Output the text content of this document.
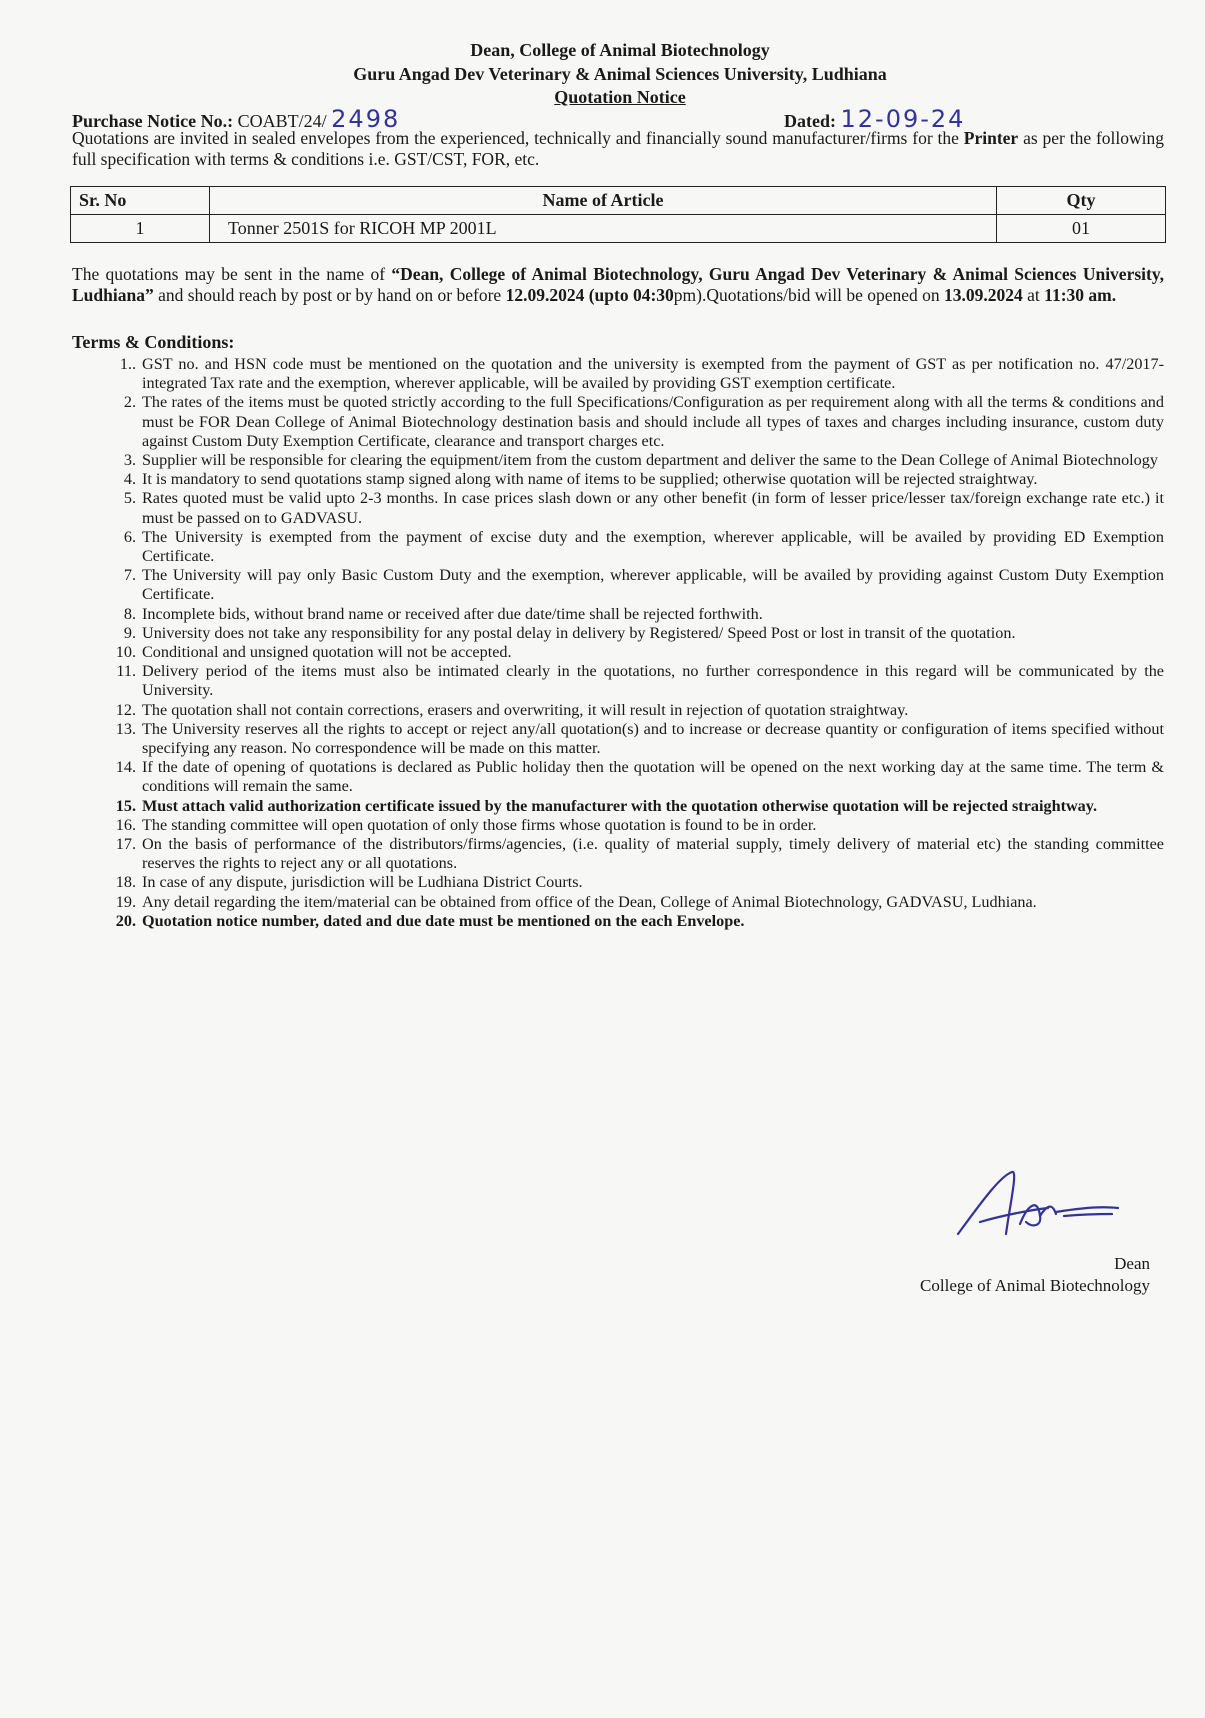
Dean, College of Animal Biotechnology
Guru Angad Dev Veterinary & Animal Sciences University, Ludhiana
Quotation Notice
Purchase Notice No.: COABT/24/ 2498	Dated: 12-09-24
Quotations are invited in sealed envelopes from the experienced, technically and financially sound manufacturer/firms for the Printer as per the following full specification with terms & conditions i.e. GST/CST, FOR, etc.
Sr. No	Name of Article	Qty
1	Tonner 2501S for RICOH MP 2001L	01
The quotations may be sent in the name of “Dean, College of Animal Biotechnology, Guru Angad Dev Veterinary & Animal Sciences University, Ludhiana” and should reach by post or by hand on or before 12.09.2024 (upto 04:30pm).Quotations/bid will be opened on 13.09.2024 at 11:30 am.
Terms & Conditions:
1.. GST no. and HSN code must be mentioned on the quotation and the university is exempted from the payment of GST as per notification no. 47/2017-integrated Tax rate and the exemption, wherever applicable, will be availed by providing GST exemption certificate.
2. The rates of the items must be quoted strictly according to the full Specifications/Configuration as per requirement along with all the terms & conditions and must be FOR Dean College of Animal Biotechnology destination basis and should include all types of taxes and charges including insurance, custom duty against Custom Duty Exemption Certificate, clearance and transport charges etc.
3. Supplier will be responsible for clearing the equipment/item from the custom department and deliver the same to the Dean College of Animal Biotechnology
4. It is mandatory to send quotations stamp signed along with name of items to be supplied; otherwise quotation will be rejected straightway.
5. Rates quoted must be valid upto 2-3 months. In case prices slash down or any other benefit (in form of lesser price/lesser tax/foreign exchange rate etc.) it must be passed on to GADVASU.
6. The University is exempted from the payment of excise duty and the exemption, wherever applicable, will be availed by providing ED Exemption Certificate.
7. The University will pay only Basic Custom Duty and the exemption, wherever applicable, will be availed by providing against Custom Duty Exemption Certificate.
8. Incomplete bids, without brand name or received after due date/time shall be rejected forthwith.
9. University does not take any responsibility for any postal delay in delivery by Registered/ Speed Post or lost in transit of the quotation.
10. Conditional and unsigned quotation will not be accepted.
11. Delivery period of the items must also be intimated clearly in the quotations, no further correspondence in this regard will be communicated by the University.
12. The quotation shall not contain corrections, erasers and overwriting, it will result in rejection of quotation straightway.
13. The University reserves all the rights to accept or reject any/all quotation(s) and to increase or decrease quantity or configuration of items specified without specifying any reason. No correspondence will be made on this matter.
14. If the date of opening of quotations is declared as Public holiday then the quotation will be opened on the next working day at the same time. The term & conditions will remain the same.
15. Must attach valid authorization certificate issued by the manufacturer with the quotation otherwise quotation will be rejected straightway.
16. The standing committee will open quotation of only those firms whose quotation is found to be in order.
17. On the basis of performance of the distributors/firms/agencies, (i.e. quality of material supply, timely delivery of material etc) the standing committee reserves the rights to reject any or all quotations.
18. In case of any dispute, jurisdiction will be Ludhiana District Courts.
19. Any detail regarding the item/material can be obtained from office of the Dean, College of Animal Biotechnology, GADVASU, Ludhiana.
20. Quotation notice number, dated and due date must be mentioned on the each Envelope.
Dean
College of Animal Biotechnology
